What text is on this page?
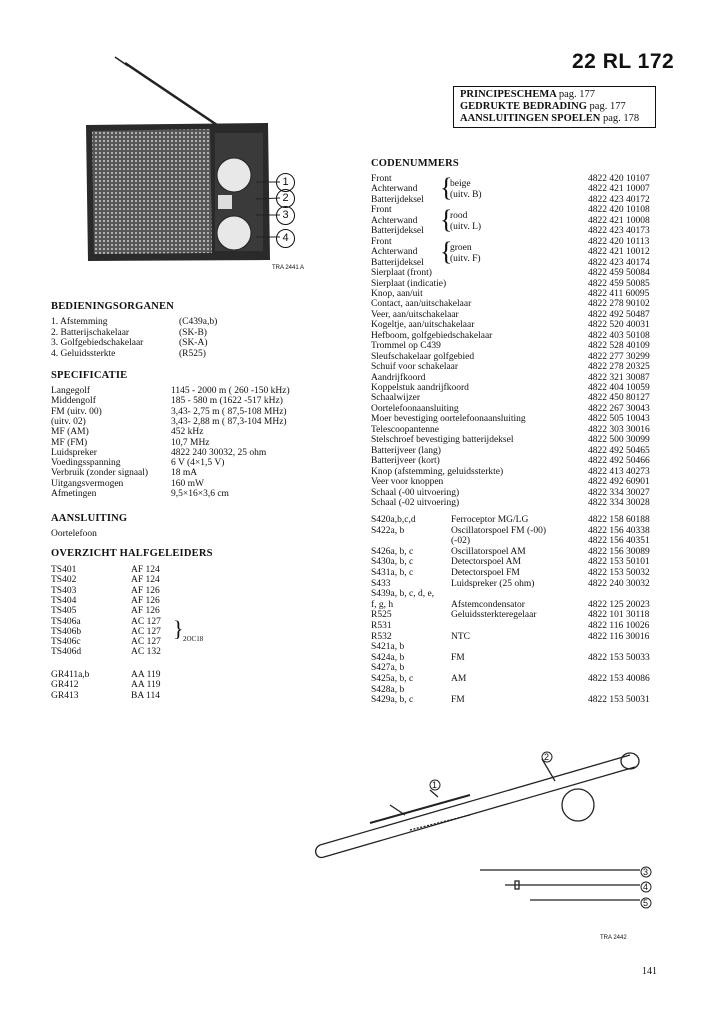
22 RL 172
PRINCIPESCHEMA pag. 177
GEDRUKTE BEDRADING pag. 177
AANSLUITINGEN SPOELEN pag. 178
1
2
3
4
TRA 2441 A
BEDIENINGSORGANEN
1. Afstemming	(C439a,b)
2. Batterijschakelaar	(SK-B)
3. Golfgebiedschakelaar	(SK-A)
4. Geluidssterkte	(R525)
SPECIFICATIE
Langegolf	1145 - 2000 m ( 260 -150 kHz)
Middengolf	185 - 580 m (1622 -517 kHz)
FM (uitv. 00)	3,43- 2,75 m ( 87,5-108 MHz)
(uitv. 02)	3,43- 2,88 m ( 87,3-104 MHz)
MF (AM)	452 kHz
MF (FM)	10,7 MHz
Luidspreker	4822 240 30032, 25 ohm
Voedingsspanning	6 V (4×1,5 V)
Verbruik (zonder signaal) 18 mA
Uitgangsvermogen	160 mW
Afmetingen	9,5×16×3,6 cm
AANSLUITING
Oortelefoon
OVERZICHT HALFGELEIDERS
TS401	AF 124
TS402	AF 124
TS403	AF 126
TS404	AF 126
TS405	AF 126
TS406a	AC 127
TS406b	AC 127
TS406c	AC 127
TS406d	AC 132
} 2OC18
GR411a,b	AA 119
GR412	AA 119
GR413	BA 114
CODENUMMERS
Front	4822 420 10107
Achterwand	4822 421 10007
Batterijdeksel	4822 423 40172
Front	4822 420 10108
Achterwand	4822 421 10008
Batterijdeksel	4822 423 40173
Front	4822 420 10113
Achterwand	4822 421 10012
Batterijdeksel	4822 423 40174
Sierplaat (front)	4822 459 50084
Sierplaat (indicatie)	4822 459 50085
Knop, aan/uit	4822 411 60095
Contact, aan/uitschakelaar	4822 278 90102
Veer, aan/uitschakelaar	4822 492 50487
Kogeltje, aan/uitschakelaar	4822 520 40031
Hefboom, golfgebiedschakelaar	4822 403 50108
Trommel op C439	4822 528 40109
Sleufschakelaar golfgebied	4822 277 30299
Schuif voor schakelaar	4822 278 20325
Aandrijfkoord	4822 321 30087
Koppelstuk aandrijfkoord	4822 404 10059
Schaalwijzer	4822 450 80127
Oortelefoonaansluiting	4822 267 30043
Moer bevestiging oortelefoonaansluiting	4822 505 10043
Telescoopantenne	4822 303 30016
Stelschroef bevestiging batterijdeksel	4822 500 30099
Batterijveer (lang)	4822 492 50465
Batterijveer (kort)	4822 492 50466
Knop (afstemming, geluidssterkte)	4822 413 40273
Veer voor knoppen	4822 492 60901
Schaal (-00 uitvoering)	4822 334 30027
Schaal (-02 uitvoering)	4822 334 30028
{
beige
(uitv. B)
{
rood
(uitv. L)
{
groen
(uitv. F)
S420a,b,c,d	Ferroceptor MG/LG	4822 158 60188
S422a, b	Oscillatorspoel FM (-00)	4822 156 40338
(-02)	4822 156 40351
S426a, b, c	Oscillatorspoel AM	4822 156 30089
S430a, b, c	Detectorspoel AM	4822 153 50101
S431a, b, c	Detectorspoel FM	4822 153 50032
S433	Luidspreker (25 ohm)	4822 240 30032
S439a, b, c, d, e,
f, g, h	Afstemcondensator	4822 125 20023
R525	Geluidssterkteregelaar	4822 101 30118
R531	4822 116 10026
R532	NTC	4822 116 30016
S421a, b
S424a, b	FM	4822 153 50033
S427a, b
S425a, b, c	AM	4822 153 40086
S428a, b
S429a, b, c	FM	4822 153 50031
1
2
3
4
5
TRA 2442
141
